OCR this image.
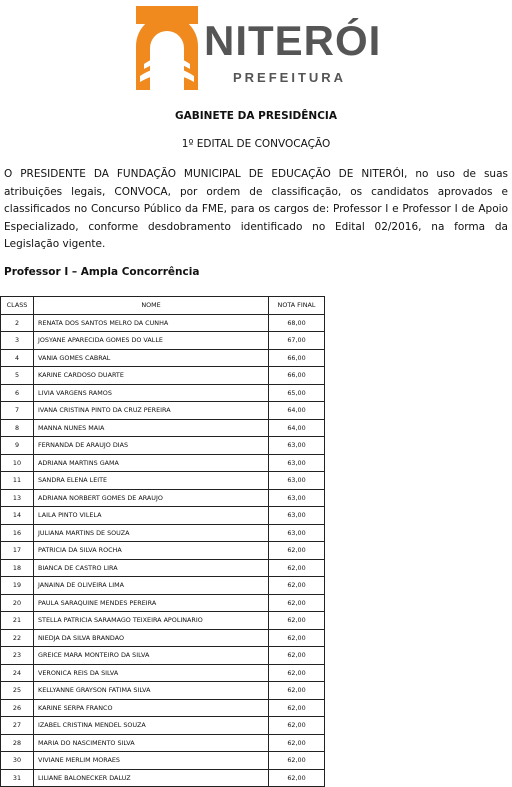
NITERÓI
PREFEITURA
GABINETE DA PRESIDÊNCIA
1º EDITAL DE CONVOCAÇÃO
O PRESIDENTE DA FUNDAÇÃO MUNICIPAL DE EDUCAÇÃO DE NITERÓI, no uso de suas atribuições legais, CONVOCA, por ordem de classificação, os candidatos aprovados e classificados no Concurso Público da FME, para os cargos de: Professor I e Professor I de Apoio Especializado, conforme desdobramento identificado no Edital 02/2016, na forma da Legislação vigente.
Professor I – Ampla Concorrência
CLASS	NOME	NOTA FINAL
2	RENATA DOS SANTOS MELRO DA CUNHA	68,00
3	JOSYANE APARECIDA GOMES DO VALLE	67,00
4	VANIA GOMES CABRAL	66,00
5	KARINE CARDOSO DUARTE	66,00
6	LIVIA VARGENS RAMOS	65,00
7	IVANA CRISTINA PINTO DA CRUZ PEREIRA	64,00
8	MANNA NUNES MAIA	64,00
9	FERNANDA DE ARAUJO DIAS	63,00
10	ADRIANA MARTINS GAMA	63,00
11	SANDRA ELENA LEITE	63,00
13	ADRIANA NORBERT GOMES DE ARAUJO	63,00
14	LAILA PINTO VILELA	63,00
16	JULIANA MARTINS DE SOUZA	63,00
17	PATRICIA DA SILVA ROCHA	62,00
18	BIANCA DE CASTRO LIRA	62,00
19	JANAINA DE OLIVEIRA LIMA	62,00
20	PAULA SARAQUINE MENDES PEREIRA	62,00
21	STELLA PATRICIA SARAMAGO TEIXEIRA APOLINARIO	62,00
22	NIEDJA DA SILVA BRANDAO	62,00
23	GREICE MARA MONTEIRO DA SILVA	62,00
24	VERONICA REIS DA SILVA	62,00
25	KELLYANNE GRAYSON FATIMA SILVA	62,00
26	KARINE SERPA FRANCO	62,00
27	IZABEL CRISTINA MENDEL SOUZA	62,00
28	MARIA DO NASCIMENTO SILVA	62,00
30	VIVIANE MERLIM MORAES	62,00
31	LILIANE BALONECKER DALUZ	62,00
